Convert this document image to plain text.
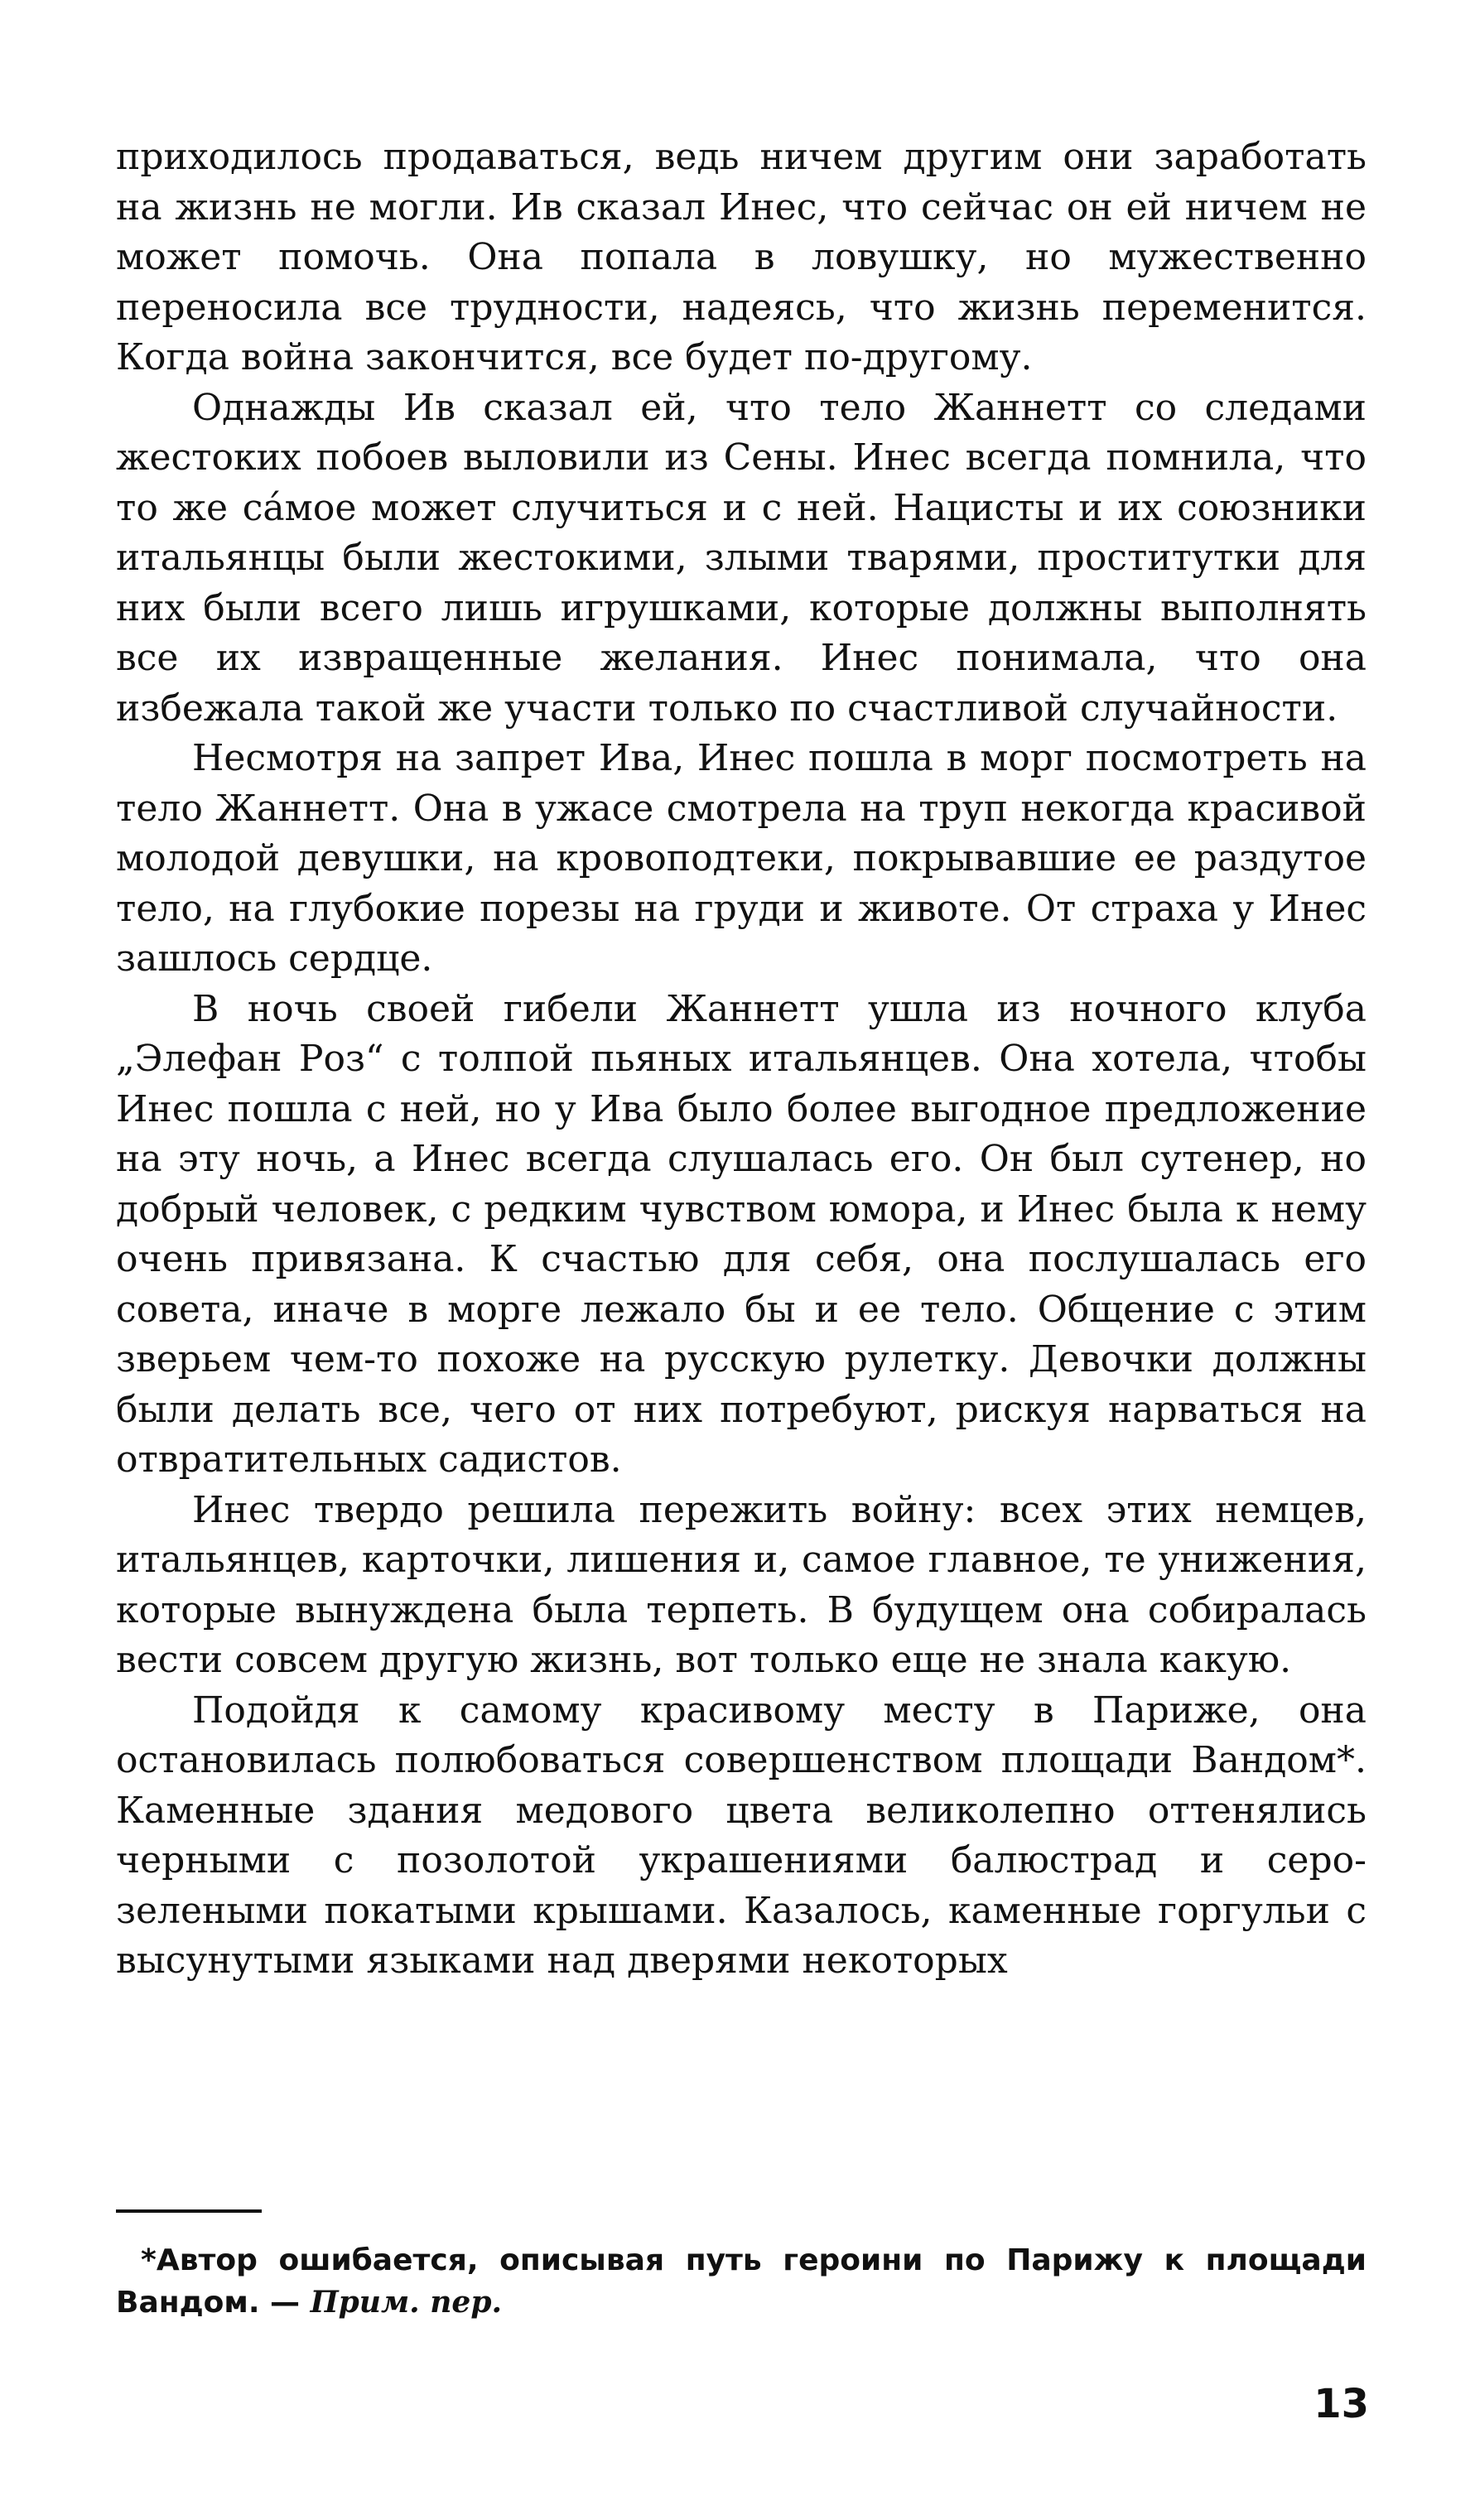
приходилось продаваться, ведь ничем другим они заработать на жизнь не могли. Ив сказал Инес, что сейчас он ей ничем не может помочь. Она попала в ловушку, но мужественно переносила все трудности, надеясь, что жизнь переменится. Когда война закончится, все будет по-другому.

Однажды Ив сказал ей, что тело Жаннетт со следами жестоких побоев выловили из Сены. Инес всегда помнила, что то же сáмое может случиться и с ней. Нацисты и их союзники итальянцы были жестокими, злыми тварями, проститутки для них были всего лишь игрушками, которые должны выполнять все их извращенные желания. Инес понимала, что она избежала такой же участи только по счастливой случайности.

Несмотря на запрет Ива, Инес пошла в морг посмотреть на тело Жаннетт. Она в ужасе смотрела на труп некогда красивой молодой девушки, на кровоподтеки, покрывавшие ее раздутое тело, на глубокие порезы на груди и животе. От страха у Инес зашлось сердце.

В ночь своей гибели Жаннетт ушла из ночного клуба „Элефан Роз“ с толпой пьяных итальянцев. Она хотела, чтобы Инес пошла с ней, но у Ива было более выгодное предложение на эту ночь, а Инес всегда слушалась его. Он был сутенер, но добрый человек, с редким чувством юмора, и Инес была к нему очень привязана. К счастью для себя, она послушалась его совета, иначе в морге лежало бы и ее тело. Общение с этим зверьем чем-то похоже на русскую рулетку. Девочки должны были делать все, чего от них потребуют, рискуя нарваться на отвратительных садистов.

Инес твердо решила пережить войну: всех этих немцев, итальянцев, карточки, лишения и, самое главное, те унижения, которые вынуждена была терпеть. В будущем она собиралась вести совсем другую жизнь, вот только еще не знала какую.

Подойдя к самому красивому месту в Париже, она остановилась полюбоваться совершенством площади Вандом*. Каменные здания медового цвета великолепно оттенялись черными с позолотой украшениями балюстрад и серо-зелеными покатыми крышами. Казалось, каменные горгульи с высунутыми языками над дверями некоторых

*Автор ошибается, описывая путь героини по Парижу к площади Вандом. — Прим. пер.
13
